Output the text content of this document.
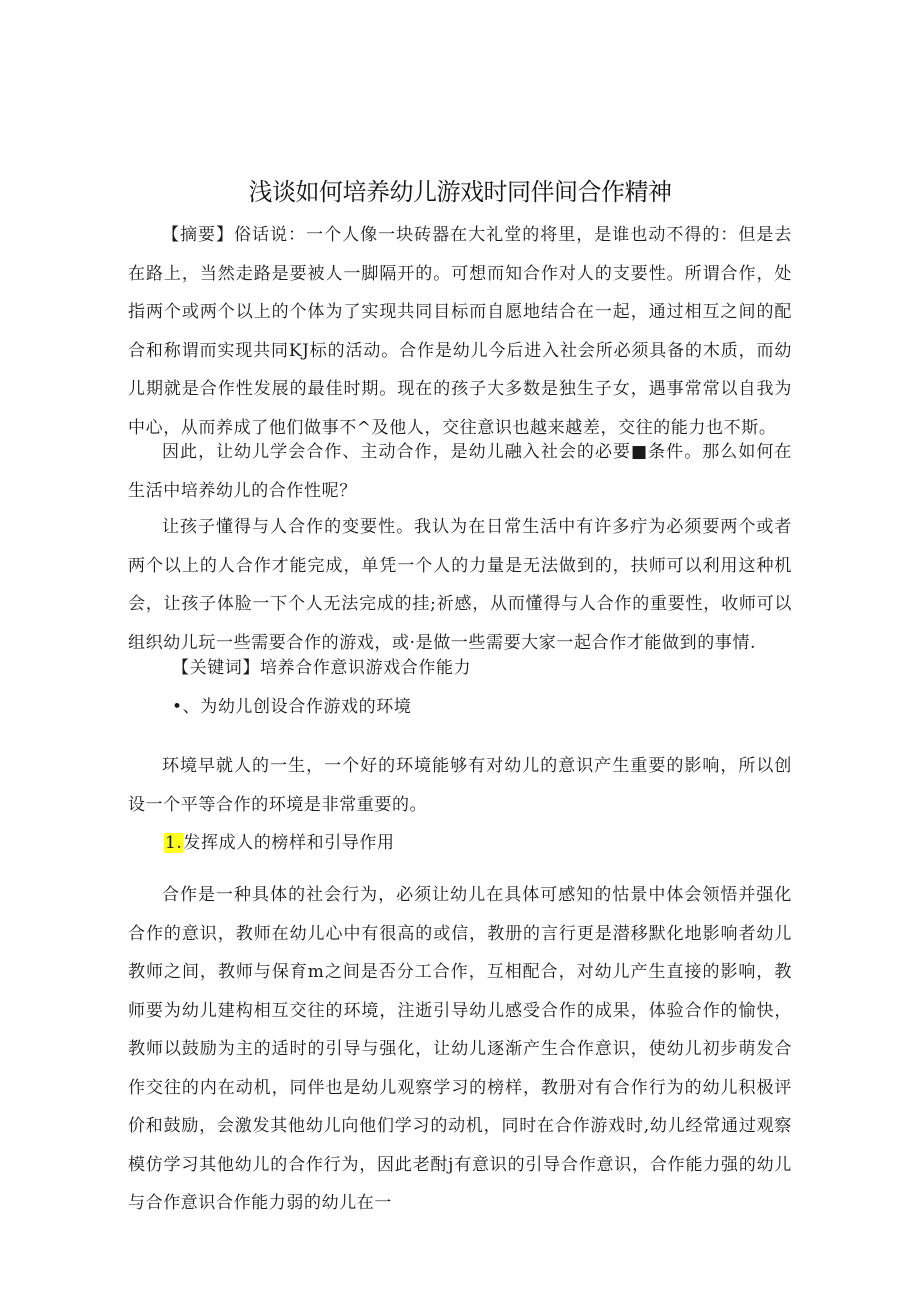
浅谈如何培养幼儿游戏时同伴间合作精神
【摘要】俗话说：一个人像一块砖器在大礼堂的将里，是谁也动不得的：但是去在路上，当然走路是要被人一脚隔开的。可想而知合作对人的支要性。所谓合作，处指两个或两个以上的个体为了实现共同目标而自愿地结合在一起，通过相互之间的配合和称谓而实现共同KJ标的活动。合作是幼儿今后进入社会所必须具备的木质，而幼儿期就是合作性发展的最佳时期。现在的孩子大多数是独生子女，遇事常常以自我为中心，从而养成了他们做事不^及他人，交往意识也越来越差，交往的能力也不斯。
因此，让幼儿学会合作、主动合作，是幼儿融入社会的必要■条件。那么如何在生活中培养幼儿的合作性呢？
让孩子懂得与人合作的变要性。我认为在日常生活中有许多疔为必须要两个或者两个以上的人合作才能完成，单凭一个人的力量是无法做到的，扶师可以利用这种机会，让孩子体脸一下个人无法完成的挂;祈感，从而懂得与人合作的重要性，收师可以组织幼儿玩一些需要合作的游戏，或·是做一些需要大家一起合作才能做到的事情.
【关键词】培养合作意识游戏合作能力
•、为幼儿创设合作游戏的环境
环境早就人的一生，一个好的环境能够有对幼儿的意识产生重要的影响，所以创设一个平等合作的环境是非常重要的。
1.发挥成人的榜样和引导作用
合作是一种具体的社会行为，必须让幼儿在具体可感知的怙景中体会领悟并强化合作的意识，教师在幼儿心中有很高的或信，教册的言行更是潜移默化地影响者幼儿教师之间，教师与保育m之间是否分工合作，互相配合，对幼儿产生直接的影响，教师要为幼儿建构相互交往的环境，注逝引导幼儿感受合作的成果，体验合作的愉快，教师以鼓励为主的适时的引导与强化，让幼儿逐渐产生合作意识，使幼儿初步萌发合作交往的内在动机，同伴也是幼儿观察学习的榜样，教册对有合作行为的幼儿积极评价和鼓励，会激发其他幼儿向他们学习的动机，同时在合作游戏时,幼儿经常通过观察模仿学习其他幼儿的合作行为，因此老酎j有意识的引导合作意识，合作能力强的幼儿与合作意识合作能力弱的幼儿在一
